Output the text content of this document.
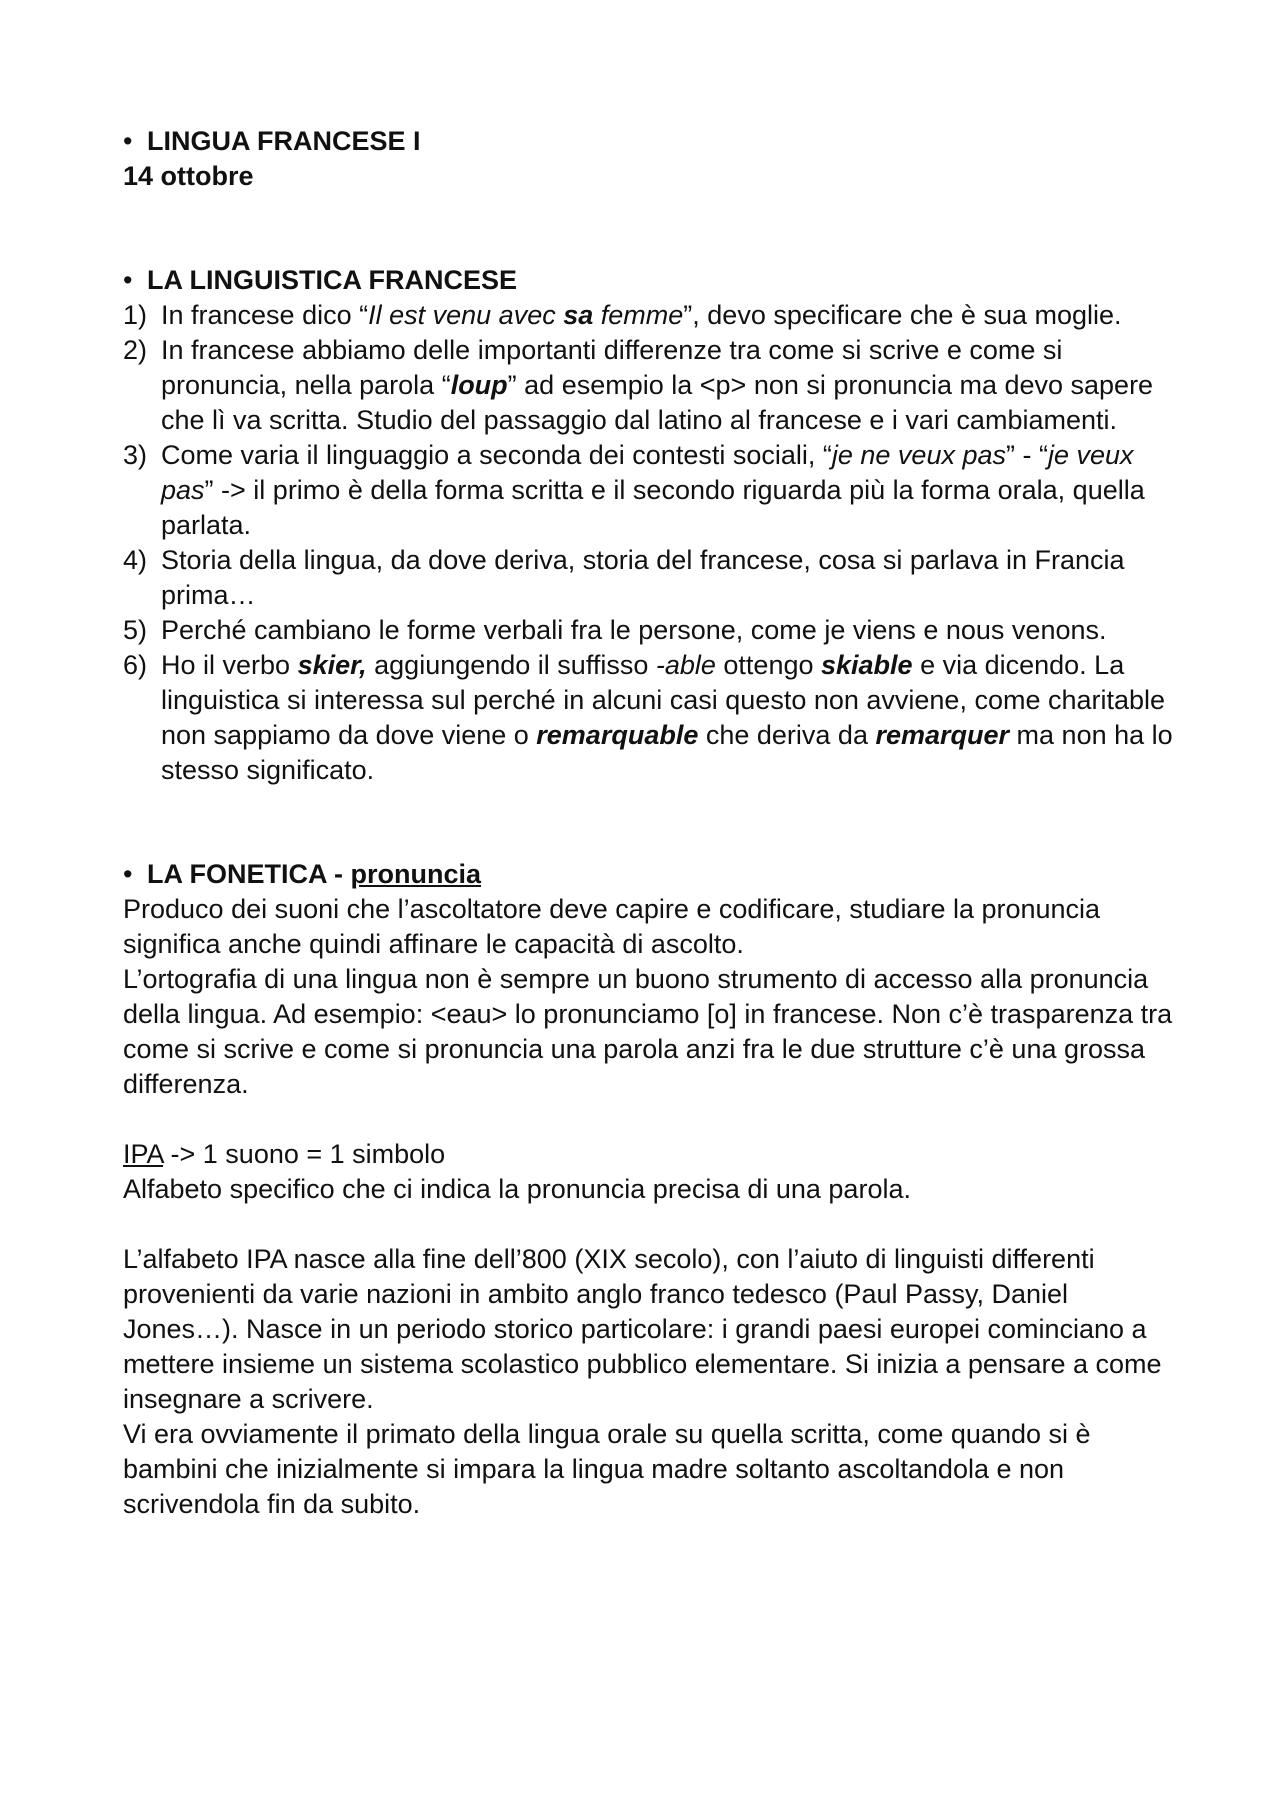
• LINGUA FRANCESE I

14 ottobre

• LA LINGUISTICA FRANCESE
1) In francese dico “Il est venu avec sa femme”, devo specificare che è sua moglie.
2) In francese abbiamo delle importanti differenze tra come si scrive e come si pronuncia, nella parola “loup” ad esempio la <p> non si pronuncia ma devo sapere che lì va scritta. Studio del passaggio dal latino al francese e i vari cambiamenti.
3) Come varia il linguaggio a seconda dei contesti sociali, “je ne veux pas” - “je veux pas” -> il primo è della forma scritta e il secondo riguarda più la forma orala, quella parlata.
4) Storia della lingua, da dove deriva, storia del francese, cosa si parlava in Francia prima…
5) Perché cambiano le forme verbali fra le persone, come je viens e nous venons.
6) Ho il verbo skier, aggiungendo il suffisso -able ottengo skiable e via dicendo. La linguistica si interessa sul perché in alcuni casi questo non avviene, come charitable non sappiamo da dove viene o remarquable che deriva da remarquer ma non ha lo stesso significato.
• LA FONETICA - pronuncia

Produco dei suoni che l’ascoltatore deve capire e codificare, studiare la pronuncia significa anche quindi affinare le capacità di ascolto.

L’ortografia di una lingua non è sempre un buono strumento di accesso alla pronuncia della lingua. Ad esempio: <eau> lo pronunciamo [o] in francese. Non c’è trasparenza tra come si scrive e come si pronuncia una parola anzi fra le due strutture c’è una grossa differenza.

IPA -> 1 suono = 1 simbolo

Alfabeto specifico che ci indica la pronuncia precisa di una parola.

L’alfabeto IPA nasce alla fine dell’800 (XIX secolo), con l’aiuto di linguisti differenti provenienti da varie nazioni in ambito anglo franco tedesco (Paul Passy, Daniel Jones…). Nasce in un periodo storico particolare: i grandi paesi europei cominciano a mettere insieme un sistema scolastico pubblico elementare. Si inizia a pensare a come insegnare a scrivere.

Vi era ovviamente il primato della lingua orale su quella scritta, come quando si è bambini che inizialmente si impara la lingua madre soltanto ascoltandola e non scrivendola fin da subito.
